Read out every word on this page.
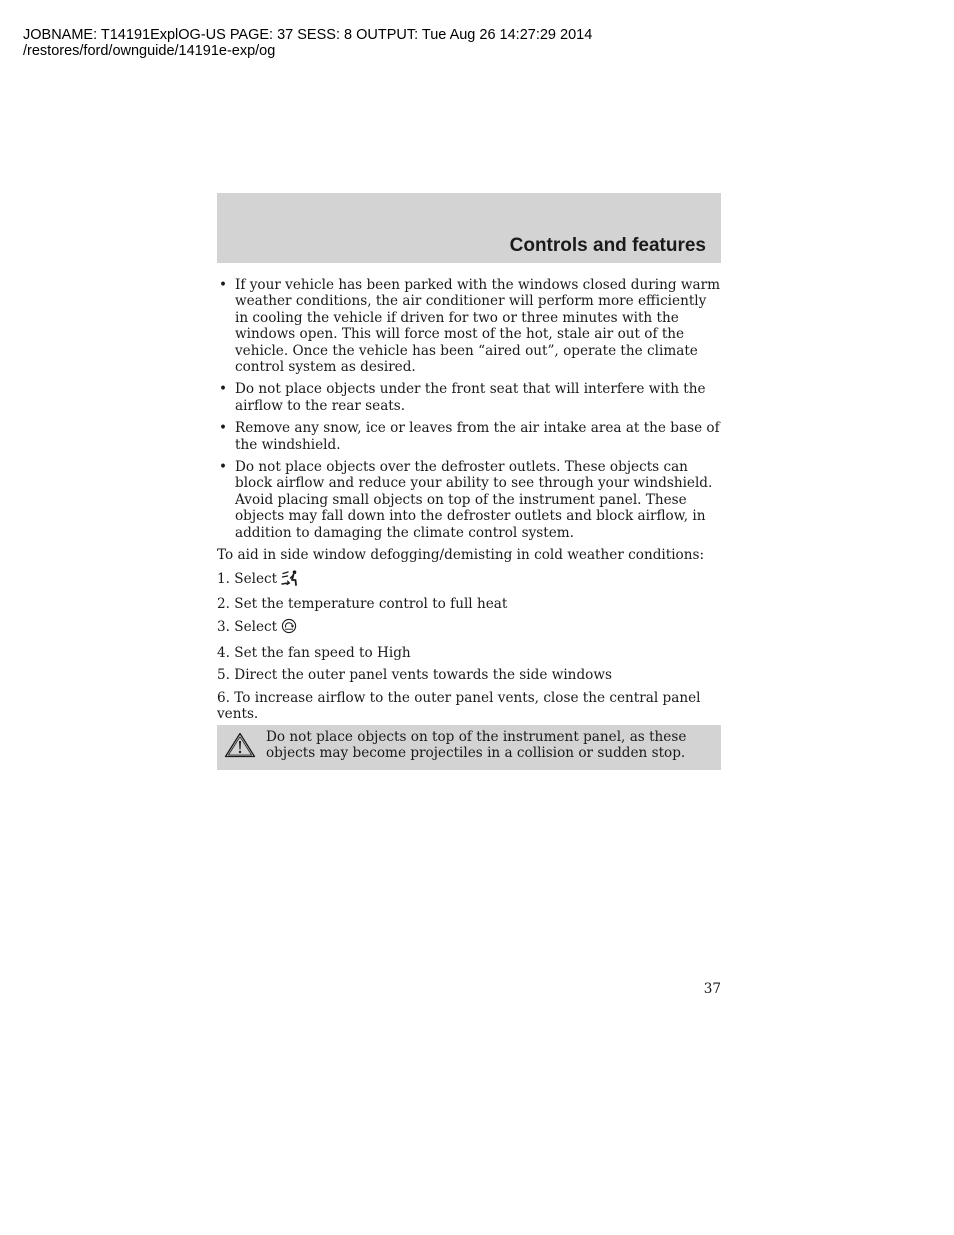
JOBNAME: T14191ExplOG-US PAGE: 37 SESS: 8 OUTPUT: Tue Aug 26 14:27:29 2014
/restores/ford/ownguide/14191e-exp/og
Controls and features
• If your vehicle has been parked with the windows closed during warm weather conditions, the air conditioner will perform more efficiently in cooling the vehicle if driven for two or three minutes with the windows open. This will force most of the hot, stale air out of the vehicle. Once the vehicle has been “aired out”, operate the climate control system as desired.
• Do not place objects under the front seat that will interfere with the airflow to the rear seats.
• Remove any snow, ice or leaves from the air intake area at the base of the windshield.
• Do not place objects over the defroster outlets. These objects can block airflow and reduce your ability to see through your windshield. Avoid placing small objects on top of the instrument panel. These objects may fall down into the defroster outlets and block airflow, in addition to damaging the climate control system.

To aid in side window defogging/demisting in cold weather conditions:

1. Select
2. Set the temperature control to full heat
3. Select
4. Set the fan speed to High
5. Direct the outer panel vents towards the side windows
6. To increase airflow to the outer panel vents, close the central panel vents.
Do not place objects on top of the instrument panel, as these objects may become projectiles in a collision or sudden stop.
37
